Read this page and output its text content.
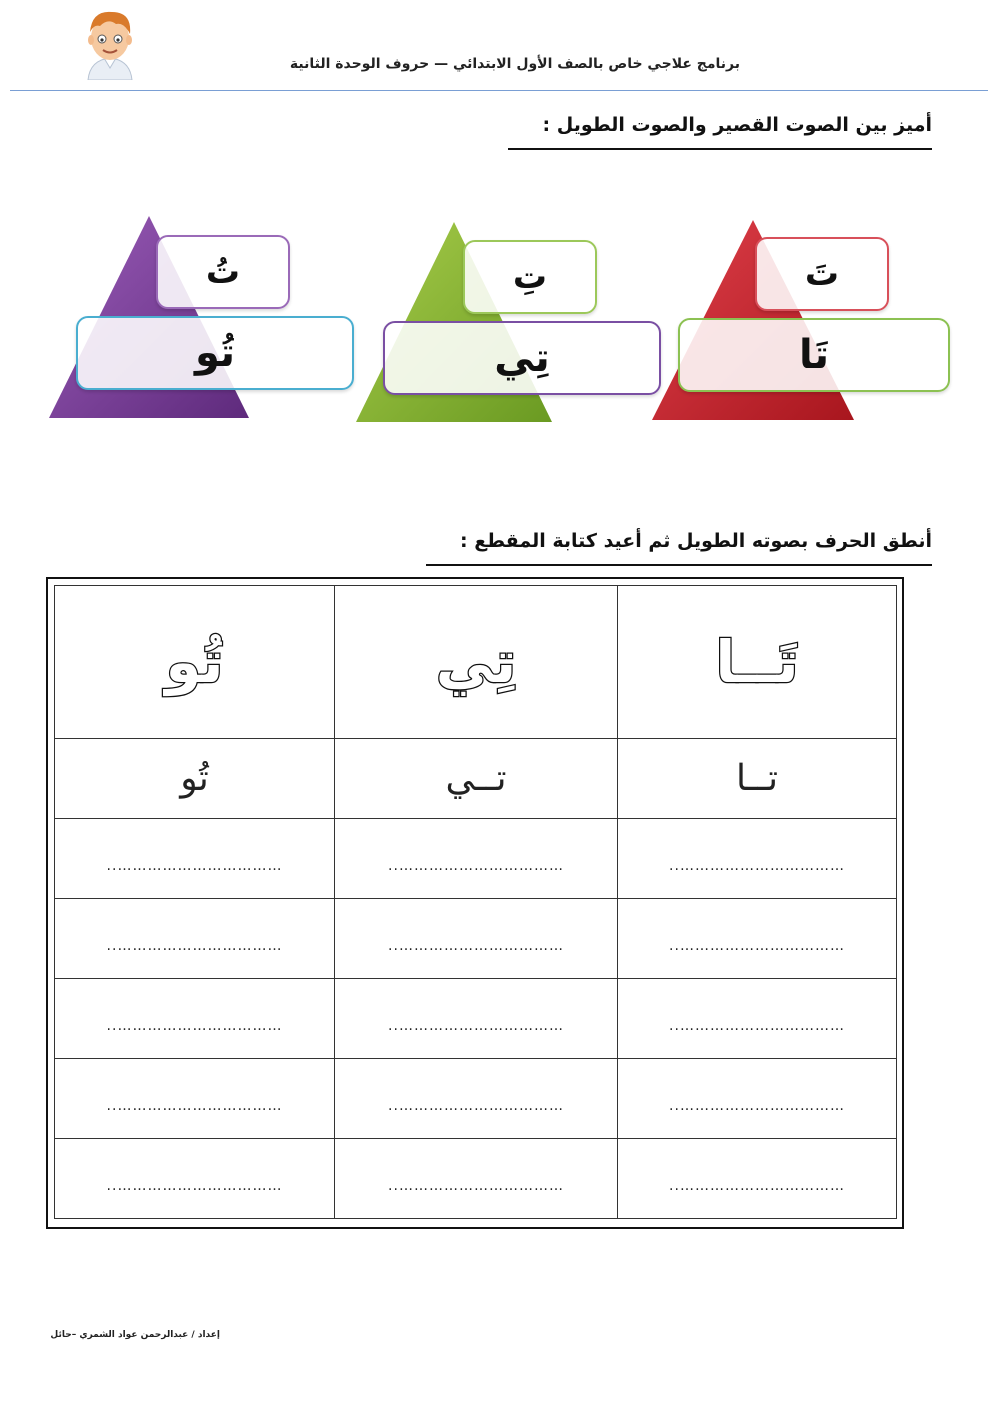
برنامج علاجي خاص بالصف الأول الابتدائي — حروف الوحدة الثانية
أميز بين الصوت القصير والصوت الطويل :
تَ
تَا
تِ
تِي
تُ
تُو
أنطق الحرف بصوته الطويل ثم أعيد كتابة المقطع :
تَــا	تِي	تُو
تــا	تــي	تُو
……………………………..	……………………………..	……………………………..
……………………………..	……………………………..	……………………………..
……………………………..	……………………………..	……………………………..
……………………………..	……………………………..	……………………………..
……………………………..	……………………………..	……………………………..
إعداد / عبدالرحمن عواد الشمري –حائل
